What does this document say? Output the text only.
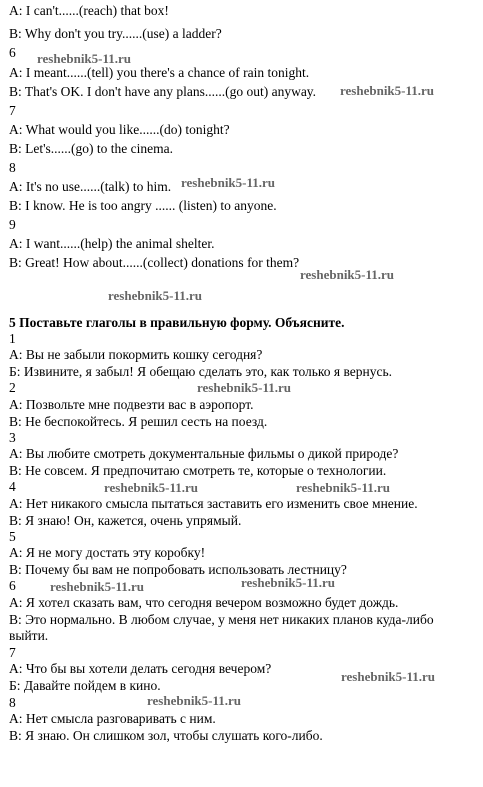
A: I can't......(reach) that box!
B: Why don't you try......(use) a ladder?
6
A: I meant......(tell) you there's a chance of rain tonight.
B: That's OK. I don't have any plans......(go out) anyway.
7
A: What would you like......(do) tonight?
B: Let's......(go) to the cinema.
8
A: It's no use......(talk) to him.
B: I know. He is too angry ...... (listen) to anyone.
9
A: I want......(help) the animal shelter.
B: Great! How about......(collect) donations for them?
5 Поставьте глаголы в правильную форму. Объясните.
1
А: Вы не забыли покормить кошку сегодня?
Б: Извините, я забыл! Я обещаю сделать это, как только я вернусь.
2
А: Позвольте мне подвезти вас в аэропорт.
В: Не беспокойтесь. Я решил сесть на поезд.
3
А: Вы любите смотреть документальные фильмы о дикой природе?
В: Не совсем. Я предпочитаю смотреть те, которые о технологии.
4
А: Нет никакого смысла пытаться заставить его изменить свое мнение.
В: Я знаю! Он, кажется, очень упрямый.
5
А: Я не могу достать эту коробку!
В: Почему бы вам не попробовать использовать лестницу?
6
А: Я хотел сказать вам, что сегодня вечером возможно будет дождь.
В: Это нормально. В любом случае, у меня нет никаких планов куда-либо
выйти.
7
А: Что бы вы хотели делать сегодня вечером?
Б: Давайте пойдем в кино.
8
А: Нет смысла разговаривать с ним.
В: Я знаю. Он слишком зол, чтобы слушать кого-либо.
reshebnik5-11.ru
reshebnik5-11.ru
reshebnik5-11.ru
reshebnik5-11.ru
reshebnik5-11.ru
reshebnik5-11.ru
reshebnik5-11.ru	reshebnik5-11.ru
reshebnik5-11.ru	reshebnik5-11.ru
reshebnik5-11.ru
reshebnik5-11.ru
